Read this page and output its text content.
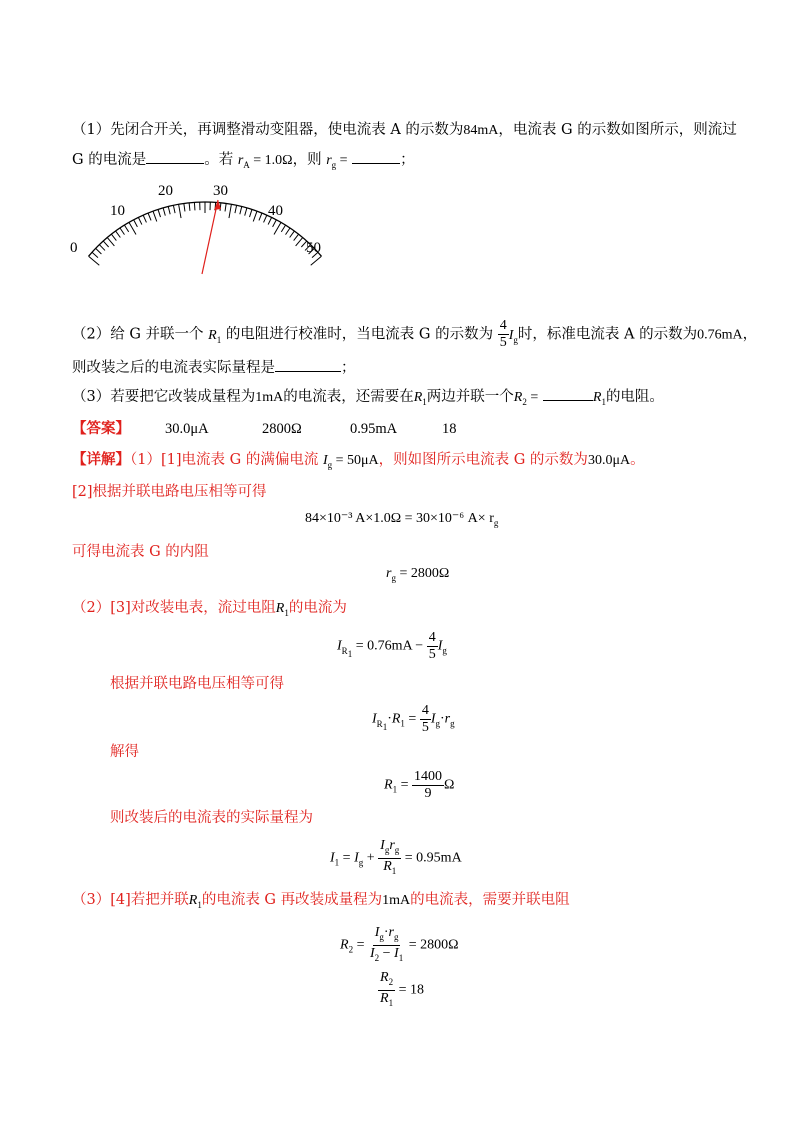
（1）先闭合开关，再调整滑动变阻器，使电流表 A 的示数为84mA，电流表 G 的示数如图所示，则流过
G 的电流是	。若 $r_A = 1.0\Omega$，则 $r_g$ =	；
0
10
20	30
40
50
（2）给 G 并联一个 $R_1$ 的电阻进行校准时，当电流表 G 的示数为 $\frac{4}{5} I_g$时，标准电流表 A 的示数为0.76mA，
则改装之后的电流表实际量程是	；
（3）若要把它改装成量程为1mA的电流表，还需要在$R_1$两边并联一个$R_2$ =	$R_1$的电阻。
【答案】 30.0μA	2800Ω	0.95mA	18
【详解】（1）[1]电流表 G 的满偏电流 $I_g = 50\mu A$，则如图所示电流表 G 的示数为30.0μA。
[2]根据并联电路电压相等可得
84×10⁻³ A×1.0Ω = 30×10⁻⁶ $A\times r_g$
可得电流表 G 的内阻
$r_g = 2800\Omega$
（2）[3]对改装电表，流过电阻$R_1$的电流为
$I_{R_1} = 0.76mA - \frac{4}{5} I_g$
根据并联电路电压相等可得
$I_{R_1}\cdot R_1 = \frac{4}{5} I_g\cdot r_g$
解得
$R_1 = \frac{1400}{9}$ Ω
则改装后的电流表的实际量程为
$I_1 = I_g + \frac{I_gr_g}{R_1} = 0.95mA$
（3）[4]若把并联$R_1$的电流表 G 再改装成量程为1mA的电流表，需要并联电阻
$R_2 = \frac{I_g\cdot r_g}{I_2 - I_1} = 2800\Omega$
$\frac{R_2}{R_1} = 18$
